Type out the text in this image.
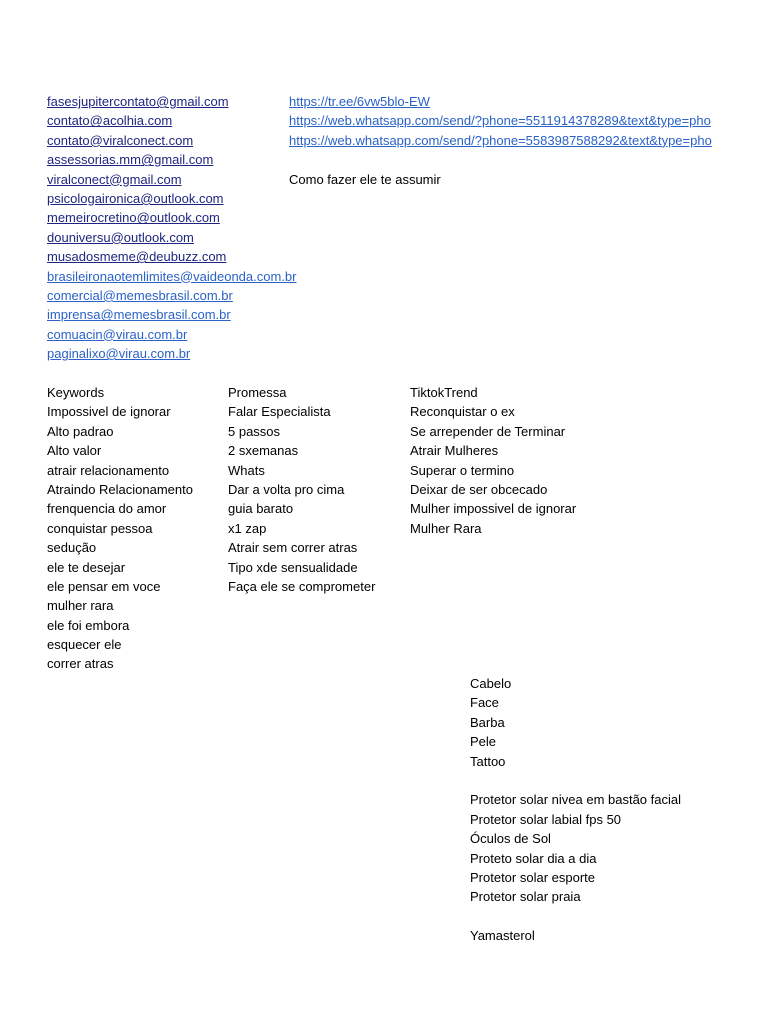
fasesjupitercontato@gmail.com
contato@acolhia.com
contato@viralconect.com
assessorias.mm@gmail.com
viralconect@gmail.com
psicologaironica@outlook.com
memeirocretino@outlook.com
douniversu@outlook.com
musadosmeme@deubuzz.com
brasileironaotemlimites@vaideonda.com.br
comercial@memesbrasil.com.br
imprensa@memesbrasil.com.br
comuacin@virau.com.br
paginalixo@virau.com.br
https://tr.ee/6vw5blo-EW
https://web.whatsapp.com/send/?phone=5511914378289&text&type=pho
https://web.whatsapp.com/send/?phone=5583987588292&text&type=pho
Como fazer ele te assumir
Keywords
Impossivel de ignorar
Alto padrao
Alto valor
atrair relacionamento
Atraindo Relacionamento
frenquencia do amor
conquistar pessoa
sedução
ele te desejar
ele pensar em voce
mulher rara
ele foi embora
esquecer ele
correr atras
Promessa
Falar Especialista
5 passos
2 sxemanas
Whats
Dar a volta pro cima
guia barato
x1 zap
Atrair sem correr atras
Tipo xde sensualidade
Faça ele se comprometer
TiktokTrend
Reconquistar o ex
Se arrepender de Terminar
Atrair Mulheres
Superar o termino
Deixar de ser obcecado
Mulher impossivel de ignorar
Mulher Rara
Cabelo
Face
Barba
Pele
Tattoo
Protetor solar nivea em bastão facial
Protetor solar labial fps 50
Óculos de Sol
Proteto solar dia a dia
Protetor solar esporte
Protetor solar praia
Yamasterol
